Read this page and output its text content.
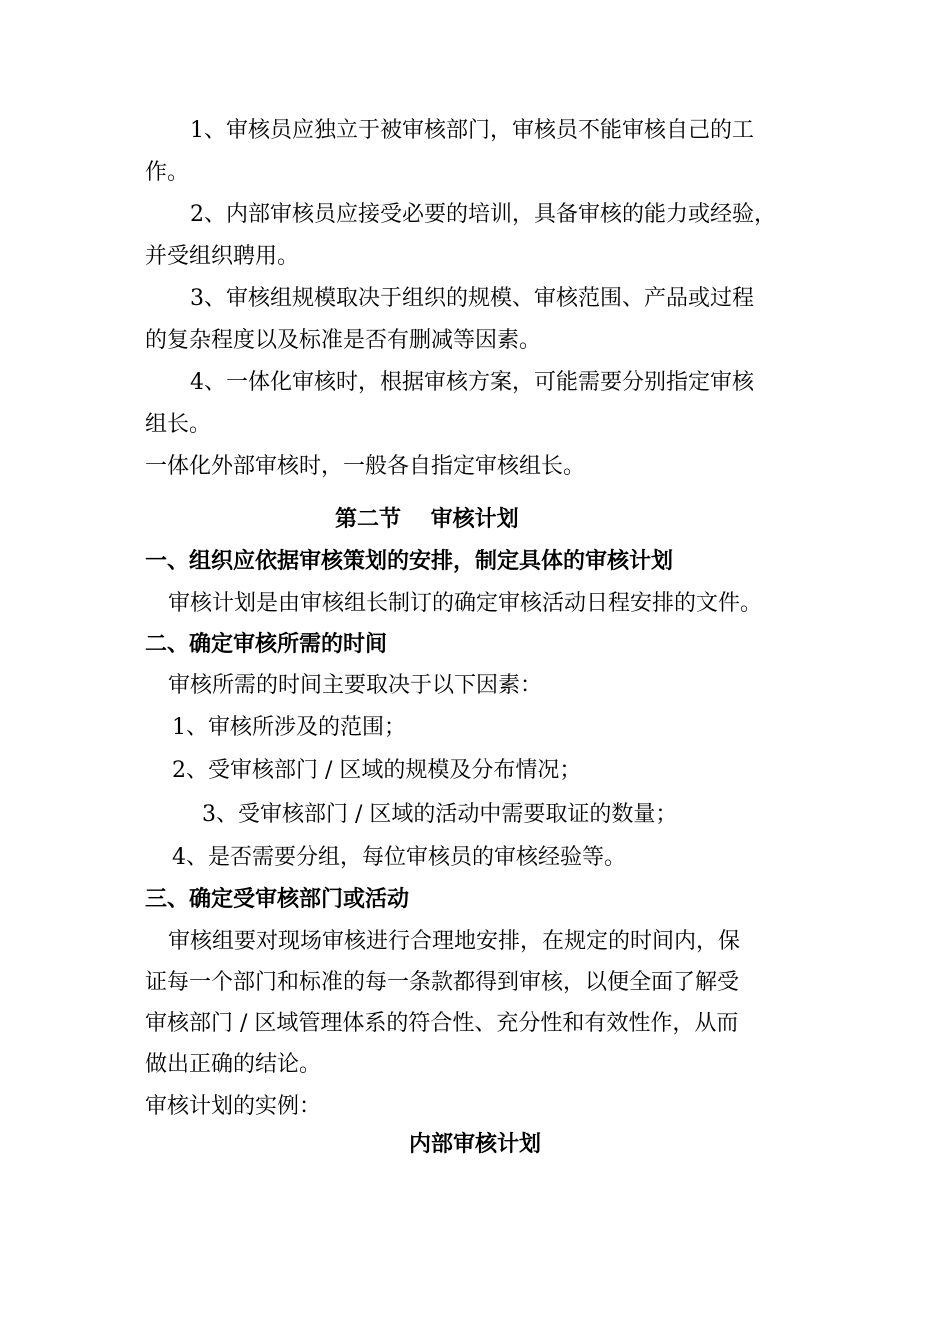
1、审核员应独立于被审核部门，审核员不能审核自己的工
作。
2、内部审核员应接受必要的培训，具备审核的能力或经验，
并受组织聘用。
3、审核组规模取决于组织的规模、审核范围、产品或过程
的复杂程度以及标准是否有删减等因素。
4、一体化审核时，根据审核方案，可能需要分别指定审核
组长。
一体化外部审核时，一般各自指定审核组长。
第二节　 审核计划
一、组织应依据审核策划的安排，制定具体的审核计划
审核计划是由审核组长制订的确定审核活动日程安排的文件。
二、确定审核所需的时间
审核所需的时间主要取决于以下因素：
1、审核所涉及的范围；
2、受审核部门 / 区域的规模及分布情况；
3、受审核部门 / 区域的活动中需要取证的数量；
4、是否需要分组，每位审核员的审核经验等。
三、确定受审核部门或活动
审核组要对现场审核进行合理地安排，在规定的时间内，保
证每一个部门和标准的每一条款都得到审核，以便全面了解受
审核部门 / 区域管理体系的符合性、充分性和有效性作，从而
做出正确的结论。
审核计划的实例：
内部审核计划
